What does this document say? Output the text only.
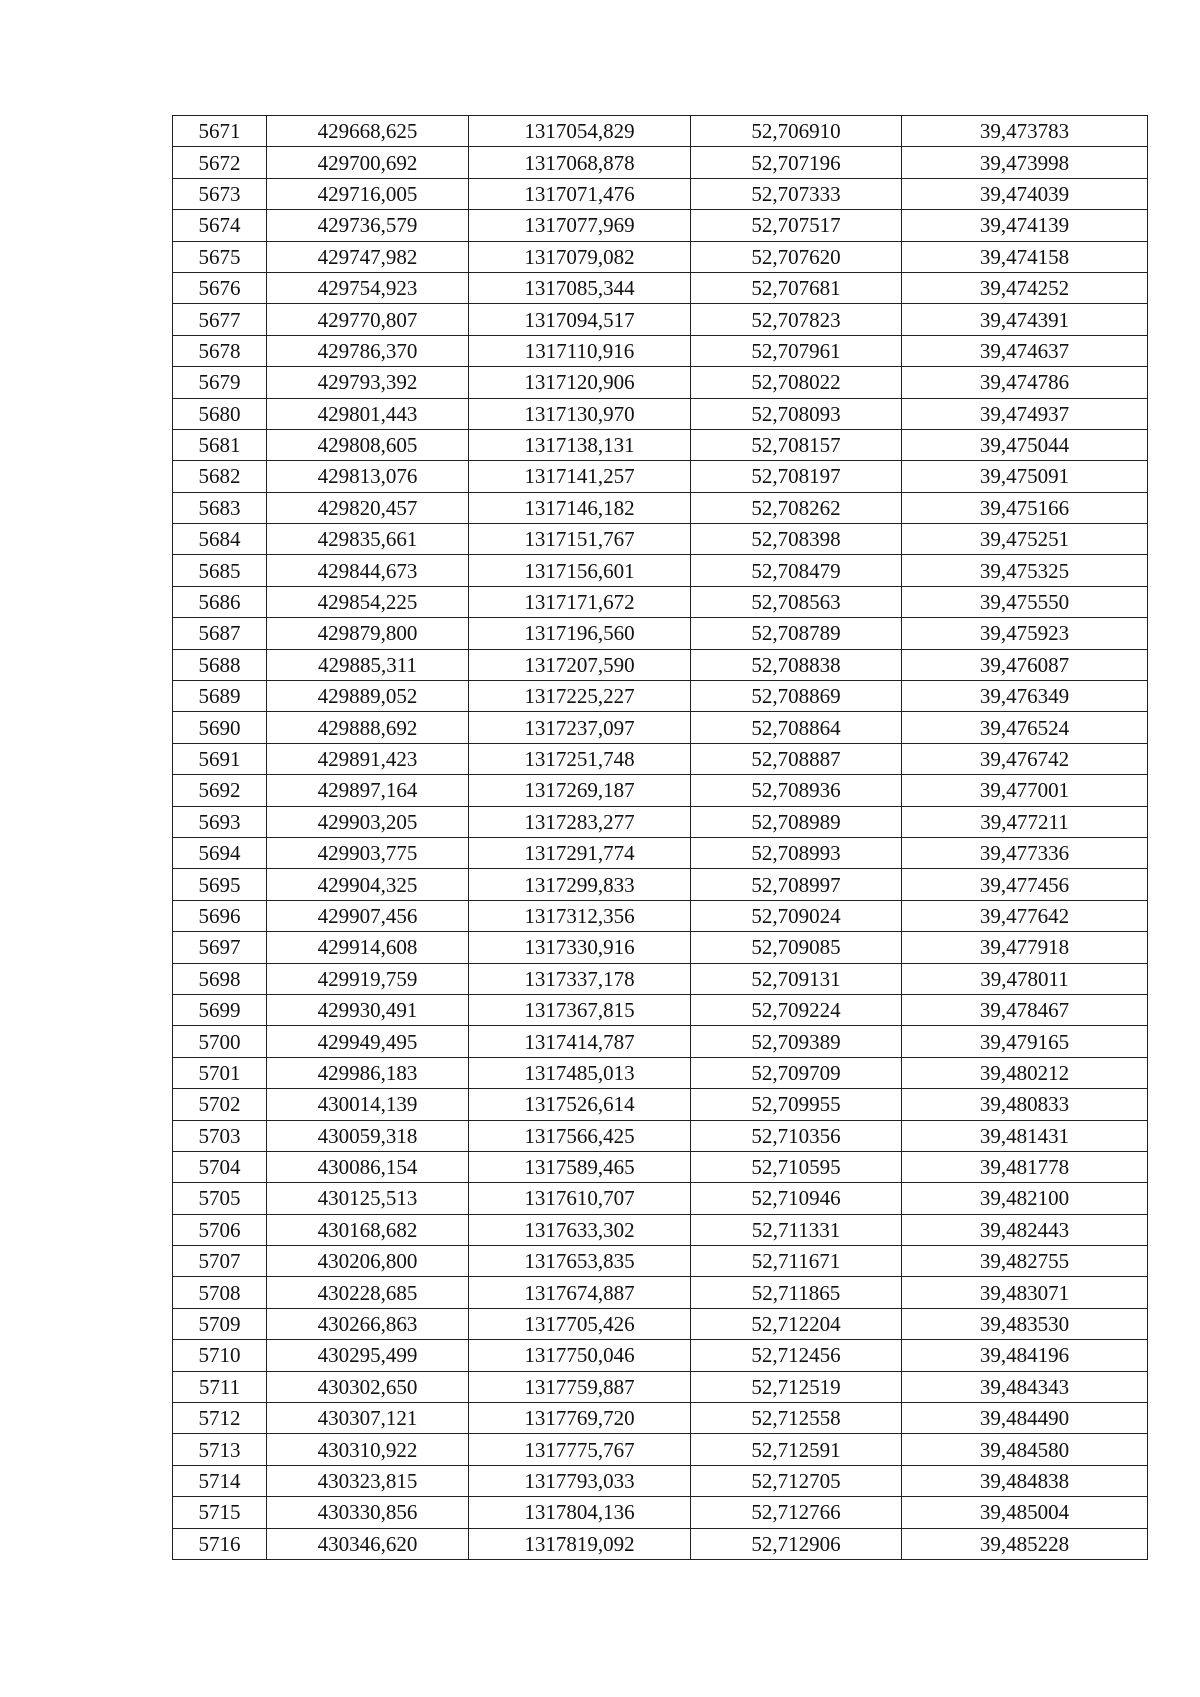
5671	429668,625	1317054,829	52,706910	39,473783
5672	429700,692	1317068,878	52,707196	39,473998
5673	429716,005	1317071,476	52,707333	39,474039
5674	429736,579	1317077,969	52,707517	39,474139
5675	429747,982	1317079,082	52,707620	39,474158
5676	429754,923	1317085,344	52,707681	39,474252
5677	429770,807	1317094,517	52,707823	39,474391
5678	429786,370	1317110,916	52,707961	39,474637
5679	429793,392	1317120,906	52,708022	39,474786
5680	429801,443	1317130,970	52,708093	39,474937
5681	429808,605	1317138,131	52,708157	39,475044
5682	429813,076	1317141,257	52,708197	39,475091
5683	429820,457	1317146,182	52,708262	39,475166
5684	429835,661	1317151,767	52,708398	39,475251
5685	429844,673	1317156,601	52,708479	39,475325
5686	429854,225	1317171,672	52,708563	39,475550
5687	429879,800	1317196,560	52,708789	39,475923
5688	429885,311	1317207,590	52,708838	39,476087
5689	429889,052	1317225,227	52,708869	39,476349
5690	429888,692	1317237,097	52,708864	39,476524
5691	429891,423	1317251,748	52,708887	39,476742
5692	429897,164	1317269,187	52,708936	39,477001
5693	429903,205	1317283,277	52,708989	39,477211
5694	429903,775	1317291,774	52,708993	39,477336
5695	429904,325	1317299,833	52,708997	39,477456
5696	429907,456	1317312,356	52,709024	39,477642
5697	429914,608	1317330,916	52,709085	39,477918
5698	429919,759	1317337,178	52,709131	39,478011
5699	429930,491	1317367,815	52,709224	39,478467
5700	429949,495	1317414,787	52,709389	39,479165
5701	429986,183	1317485,013	52,709709	39,480212
5702	430014,139	1317526,614	52,709955	39,480833
5703	430059,318	1317566,425	52,710356	39,481431
5704	430086,154	1317589,465	52,710595	39,481778
5705	430125,513	1317610,707	52,710946	39,482100
5706	430168,682	1317633,302	52,711331	39,482443
5707	430206,800	1317653,835	52,711671	39,482755
5708	430228,685	1317674,887	52,711865	39,483071
5709	430266,863	1317705,426	52,712204	39,483530
5710	430295,499	1317750,046	52,712456	39,484196
5711	430302,650	1317759,887	52,712519	39,484343
5712	430307,121	1317769,720	52,712558	39,484490
5713	430310,922	1317775,767	52,712591	39,484580
5714	430323,815	1317793,033	52,712705	39,484838
5715	430330,856	1317804,136	52,712766	39,485004
5716	430346,620	1317819,092	52,712906	39,485228
